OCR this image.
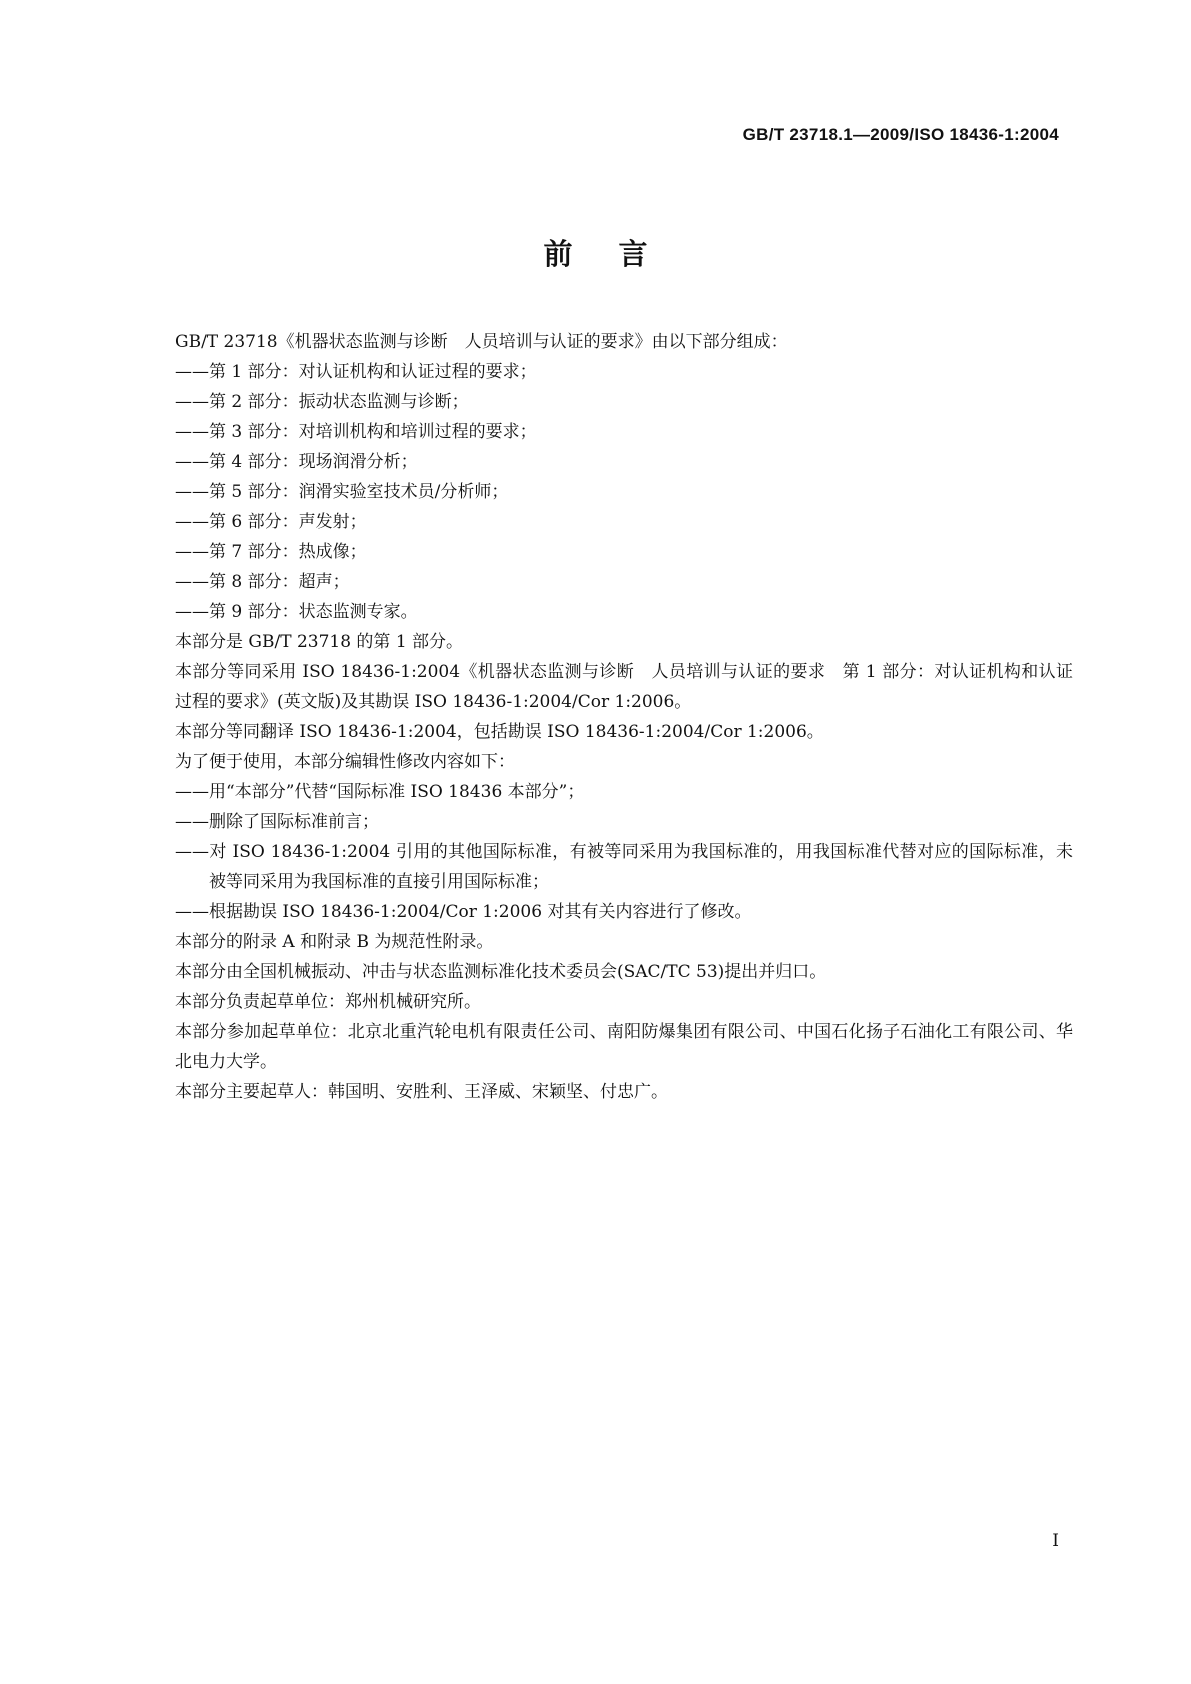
GB/T 23718.1—2009/ISO 18436-1:2004
前言

GB/T 23718《机器状态监测与诊断　人员培训与认证的要求》由以下部分组成：

——第 1 部分：对认证机构和认证过程的要求；

——第 2 部分：振动状态监测与诊断；

——第 3 部分：对培训机构和培训过程的要求；

——第 4 部分：现场润滑分析；

——第 5 部分：润滑实验室技术员/分析师；

——第 6 部分：声发射；

——第 7 部分：热成像；

——第 8 部分：超声；

——第 9 部分：状态监测专家。

本部分是 GB/T 23718 的第 1 部分。

本部分等同采用 ISO 18436-1:2004《机器状态监测与诊断　人员培训与认证的要求　第 1 部分：对认证机构和认证过程的要求》(英文版)及其勘误 ISO 18436-1:2004/Cor 1:2006。

本部分等同翻译 ISO 18436-1:2004，包括勘误 ISO 18436-1:2004/Cor 1:2006。

为了便于使用，本部分编辑性修改内容如下：

——用“本部分”代替“国际标准 ISO 18436 本部分”；

——删除了国际标准前言；

——对 ISO 18436-1:2004 引用的其他国际标准，有被等同采用为我国标准的，用我国标准代替对应的国际标准，未被等同采用为我国标准的直接引用国际标准；

——根据勘误 ISO 18436-1:2004/Cor 1:2006 对其有关内容进行了修改。

本部分的附录 A 和附录 B 为规范性附录。

本部分由全国机械振动、冲击与状态监测标准化技术委员会(SAC/TC 53)提出并归口。

本部分负责起草单位：郑州机械研究所。

本部分参加起草单位：北京北重汽轮电机有限责任公司、南阳防爆集团有限公司、中国石化扬子石油化工有限公司、华北电力大学。

本部分主要起草人：韩国明、安胜利、王泽威、宋颖坚、付忠广。

I
